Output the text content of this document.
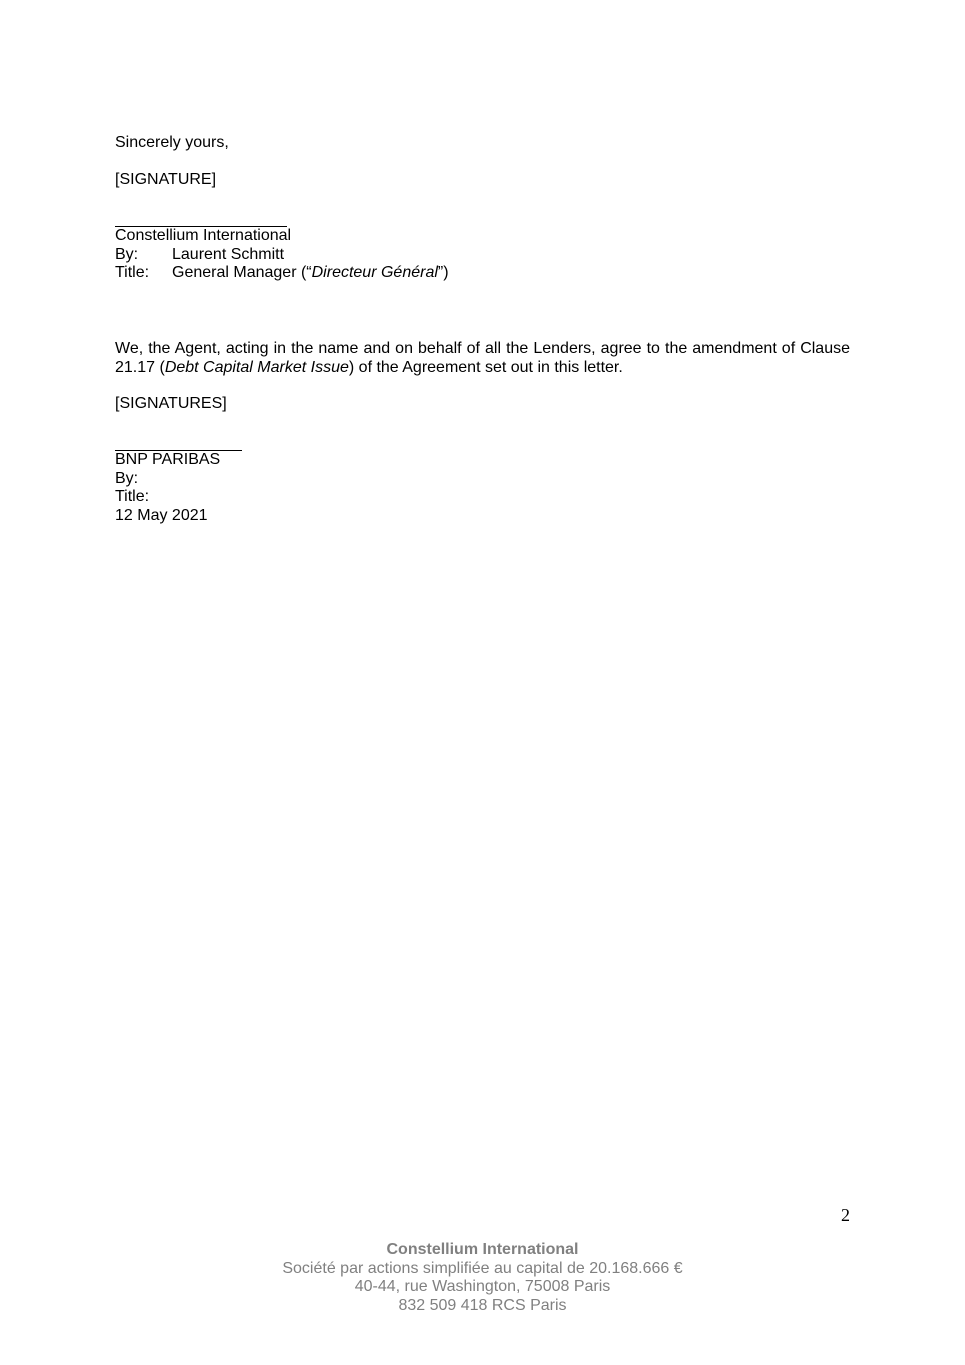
Sincerely yours,
[SIGNATURE]
Constellium International
By:	Laurent Schmitt
Title:	General Manager (“Directeur Général”)
We, the Agent, acting in the name and on behalf of all the Lenders, agree to the amendment of Clause 21.17 (Debt Capital Market Issue) of the Agreement set out in this letter.
[SIGNATURES]
BNP PARIBAS
By:
Title:
12 May 2021
2
Constellium International
Société par actions simplifiée au capital de 20.168.666 €
40-44, rue Washington, 75008 Paris
832 509 418 RCS Paris
